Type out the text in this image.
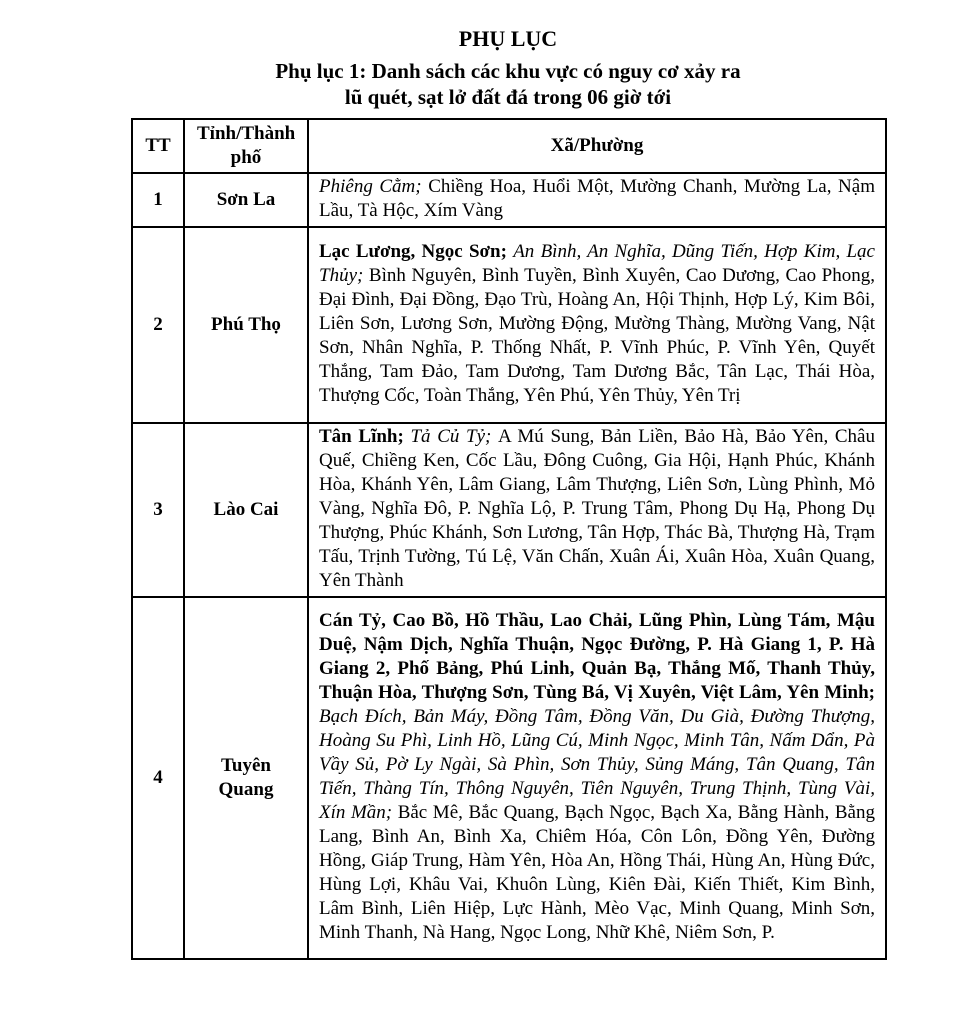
PHỤ LỤC
Phụ lục 1: Danh sách các khu vực có nguy cơ xảy ra
lũ quét, sạt lở đất đá trong 06 giờ tới
TT	Tỉnh/Thành phố	Xã/Phường
1	Sơn La	Phiêng Cằm; Chiềng Hoa, Huổi Một, Mường Chanh, Mường La, Nậm Lầu, Tà Hộc, Xím Vàng
2	Phú Thọ	Lạc Lương, Ngọc Sơn; An Bình, An Nghĩa, Dũng Tiến, Hợp Kim, Lạc Thủy; Bình Nguyên, Bình Tuyền, Bình Xuyên, Cao Dương, Cao Phong, Đại Đình, Đại Đồng, Đạo Trù, Hoàng An, Hội Thịnh, Hợp Lý, Kim Bôi, Liên Sơn, Lương Sơn, Mường Động, Mường Thàng, Mường Vang, Nật Sơn, Nhân Nghĩa, P. Thống Nhất, P. Vĩnh Phúc, P. Vĩnh Yên, Quyết Thắng, Tam Đảo, Tam Dương, Tam Dương Bắc, Tân Lạc, Thái Hòa, Thượng Cốc, Toàn Thắng, Yên Phú, Yên Thủy, Yên Trị
3	Lào Cai	Tân Lĩnh; Tả Củ Tỷ; A Mú Sung, Bản Liền, Bảo Hà, Bảo Yên, Châu Quế, Chiềng Ken, Cốc Lầu, Đông Cuông, Gia Hội, Hạnh Phúc, Khánh Hòa, Khánh Yên, Lâm Giang, Lâm Thượng, Liên Sơn, Lùng Phình, Mỏ Vàng, Nghĩa Đô, P. Nghĩa Lộ, P. Trung Tâm, Phong Dụ Hạ, Phong Dụ Thượng, Phúc Khánh, Sơn Lương, Tân Hợp, Thác Bà, Thượng Hà, Trạm Tấu, Trịnh Tường, Tú Lệ, Văn Chấn, Xuân Ái, Xuân Hòa, Xuân Quang, Yên Thành
4	Tuyên Quang	Cán Tỷ, Cao Bồ, Hồ Thầu, Lao Chải, Lũng Phìn, Lùng Tám, Mậu Duệ, Nậm Dịch, Nghĩa Thuận, Ngọc Đường, P. Hà Giang 1, P. Hà Giang 2, Phố Bảng, Phú Linh, Quản Bạ, Thắng Mố, Thanh Thủy, Thuận Hòa, Thượng Sơn, Tùng Bá, Vị Xuyên, Việt Lâm, Yên Minh; Bạch Đích, Bản Máy, Đồng Tâm, Đồng Văn, Du Già, Đường Thượng, Hoàng Su Phì, Linh Hồ, Lũng Cú, Minh Ngọc, Minh Tân, Nấm Dẩn, Pà Vầy Sủ, Pờ Ly Ngài, Sà Phìn, Sơn Thủy, Sủng Máng, Tân Quang, Tân Tiến, Thàng Tín, Thông Nguyên, Tiên Nguyên, Trung Thịnh, Tùng Vài, Xín Mần; Bắc Mê, Bắc Quang, Bạch Ngọc, Bạch Xa, Bằng Hành, Bằng Lang, Bình An, Bình Xa, Chiêm Hóa, Côn Lôn, Đồng Yên, Đường Hồng, Giáp Trung, Hàm Yên, Hòa An, Hồng Thái, Hùng An, Hùng Đức, Hùng Lợi, Khâu Vai, Khuôn Lùng, Kiên Đài, Kiến Thiết, Kim Bình, Lâm Bình, Liên Hiệp, Lực Hành, Mèo Vạc, Minh Quang, Minh Sơn, Minh Thanh, Nà Hang, Ngọc Long, Nhữ Khê, Niêm Sơn, P.
